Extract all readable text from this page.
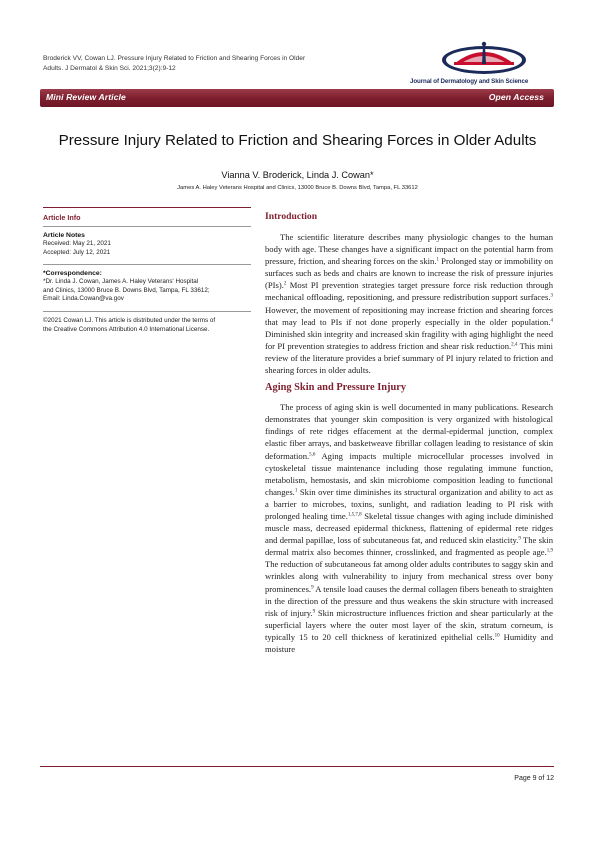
Broderick VV, Cowan LJ. Pressure Injury Related to Friction and Shearing Forces in Older
Adults. J Dermatol & Skin Sci. 2021;3(2):9-12
Journal of Dermatology and Skin Science
Mini Review Article	Open Access
Pressure Injury Related to Friction and Shearing Forces in Older Adults
Vianna V. Broderick, Linda J. Cowan*
James A. Haley Veterans Hospital and Clinics, 13000 Bruce B. Downs Blvd, Tampa, FL 33612
Article Info
Article Notes
Received: May 21, 2021
Accepted: July 12, 2021
*Correspondence:
*Dr. Linda J. Cowan, James A. Haley Veterans' Hospital
and Clinics, 13000 Bruce B. Downs Blvd, Tampa, FL 33612;
Email: Linda.Cowan@va.gov
©2021 Cowan LJ. This article is distributed under the terms of
the Creative Commons Attribution 4.0 International License.
Introduction

The scientific literature describes many physiologic changes to the human body with age. These changes have a significant impact on the potential harm from pressure, friction, and shearing forces on the skin.$^1$ Prolonged stay or immobility on surfaces such as beds and chairs are known to increase the risk of pressure injuries (PIs).$^2$ Most PI prevention strategies target pressure force risk reduction through mechanical offloading, repositioning, and pressure redistribution support surfaces.$^3$ However, the movement of repositioning may increase friction and shearing forces that may lead to PIs if not done properly especially in the older population.$^4$ Diminished skin integrity and increased skin fragility with aging highlight the need for PI prevention strategies to address friction and shear risk reduction.$^{2,4}$ This mini review of the literature provides a brief summary of PI injury related to friction and shearing forces in older adults.

Aging Skin and Pressure Injury

The process of aging skin is well documented in many publications. Research demonstrates that younger skin composition is very organized with histological findings of rete ridges effacement at the dermal-epidermal junction, complex elastic fiber arrays, and basketweave fibrillar collagen leading to resistance of skin deformation.$^{5,6}$ Aging impacts multiple microcellular processes involved in cytoskeletal tissue maintenance including those regulating immune function, metabolism, hemostasis, and skin microbiome composition leading to functional changes.$^1$ Skin over time diminishes its structural organization and ability to act as a barrier to microbes, toxins, sunlight, and radiation leading to PI risk with prolonged healing time.$^{1,5,7,8}$ Skeletal tissue changes with aging include diminished muscle mass, decreased epidermal thickness, flattening of epidermal rete ridges and dermal papillae, loss of subcutaneous fat, and reduced skin elasticity.$^9$ The skin dermal matrix also becomes thinner, crosslinked, and fragmented as people age.$^{1,9}$ The reduction of subcutaneous fat among older adults contributes to saggy skin and wrinkles along with vulnerability to injury from mechanical stress over bony prominences.$^9$ A tensile load causes the dermal collagen fibers beneath to straighten in the direction of the pressure and thus weakens the skin structure with increased risk of injury.$^9$ Skin microstructure influences friction and shear particularly at the superficial layers where the outer most layer of the skin, stratum corneum, is typically 15 to 20 cell thickness of keratinized epithelial cells.$^{10}$ Humidity and moisture

Page 9 of 12
